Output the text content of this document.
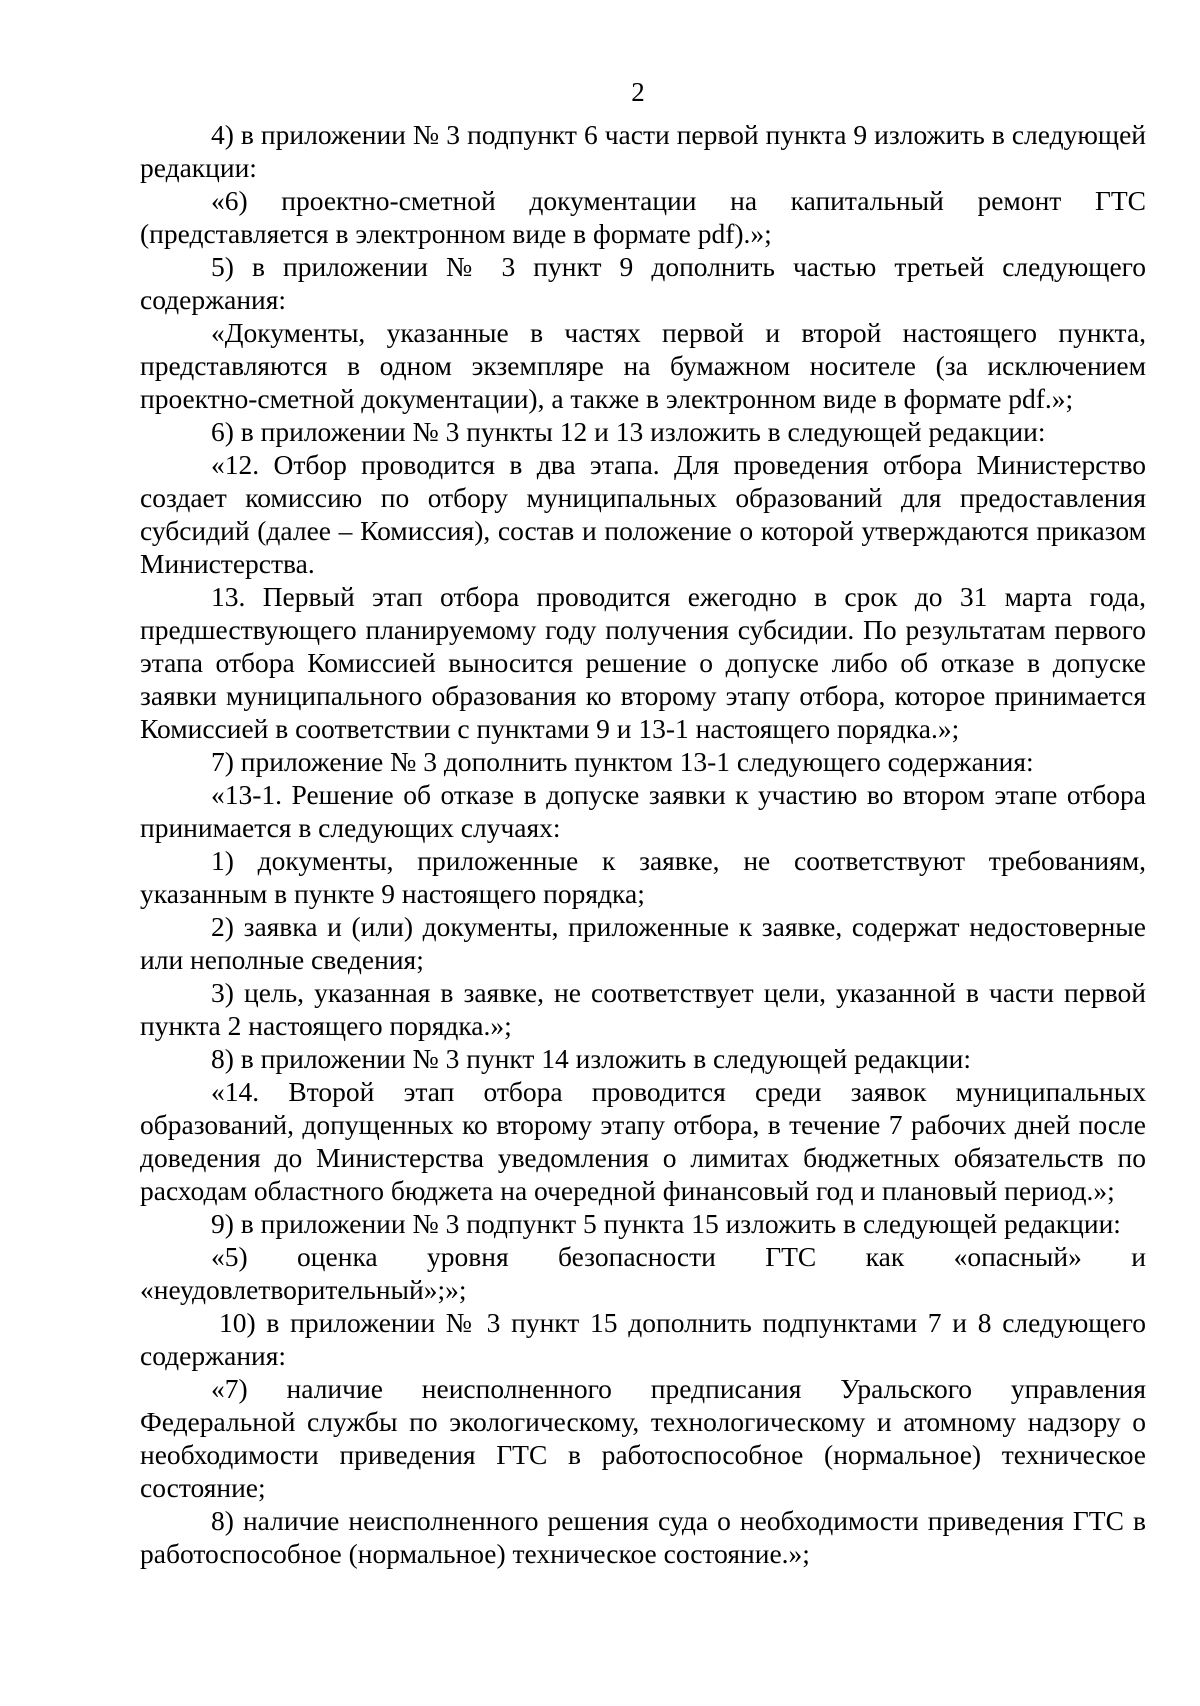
2

4) в приложении № 3 подпункт 6 части первой пункта 9 изложить в следующей редакции:

«6) проектно-сметной документации на капитальный ремонт ГТС (представляется в электронном виде в формате pdf).»;

5) в приложении № 3 пункт 9 дополнить частью третьей следующего содержания:

«Документы, указанные в частях первой и второй настоящего пункта, представляются в одном экземпляре на бумажном носителе (за исключением проектно-сметной документации), а также в электронном виде в формате pdf.»;

6) в приложении № 3 пункты 12 и 13 изложить в следующей редакции:

«12. Отбор проводится в два этапа. Для проведения отбора Министерство создает комиссию по отбору муниципальных образований для предоставления субсидий (далее – Комиссия), состав и положение о которой утверждаются приказом Министерства.

13. Первый этап отбора проводится ежегодно в срок до 31 марта года, предшествующего планируемому году получения субсидии. По результатам первого этапа отбора Комиссией выносится решение о допуске либо об отказе в допуске заявки муниципального образования ко второму этапу отбора, которое принимается Комиссией в соответствии с пунктами 9 и 13-1 настоящего порядка.»;

7) приложение № 3 дополнить пунктом 13-1 следующего содержания:

«13-1. Решение об отказе в допуске заявки к участию во втором этапе отбора принимается в следующих случаях:

1) документы, приложенные к заявке, не соответствуют требованиям, указанным в пункте 9 настоящего порядка;

2) заявка и (или) документы, приложенные к заявке, содержат недостоверные или неполные сведения;

3) цель, указанная в заявке, не соответствует цели, указанной в части первой пункта 2 настоящего порядка.»;

8) в приложении № 3 пункт 14 изложить в следующей редакции:

«14. Второй этап отбора проводится среди заявок муниципальных образований, допущенных ко второму этапу отбора, в течение 7 рабочих дней после доведения до Министерства уведомления о лимитах бюджетных обязательств по расходам областного бюджета на очередной финансовый год и плановый период.»;

9) в приложении № 3 подпункт 5 пункта 15 изложить в следующей редакции:

«5) оценка уровня безопасности ГТС как «опасный» и «неудовлетворительный»;»;

10) в приложении № 3 пункт 15 дополнить подпунктами 7 и 8 следующего содержания:

«7) наличие неисполненного предписания Уральского управления Федеральной службы по экологическому, технологическому и атомному надзору о необходимости приведения ГТС в работоспособное (нормальное) техническое состояние;

8) наличие неисполненного решения суда о необходимости приведения ГТС в работоспособное (нормальное) техническое состояние.»;
